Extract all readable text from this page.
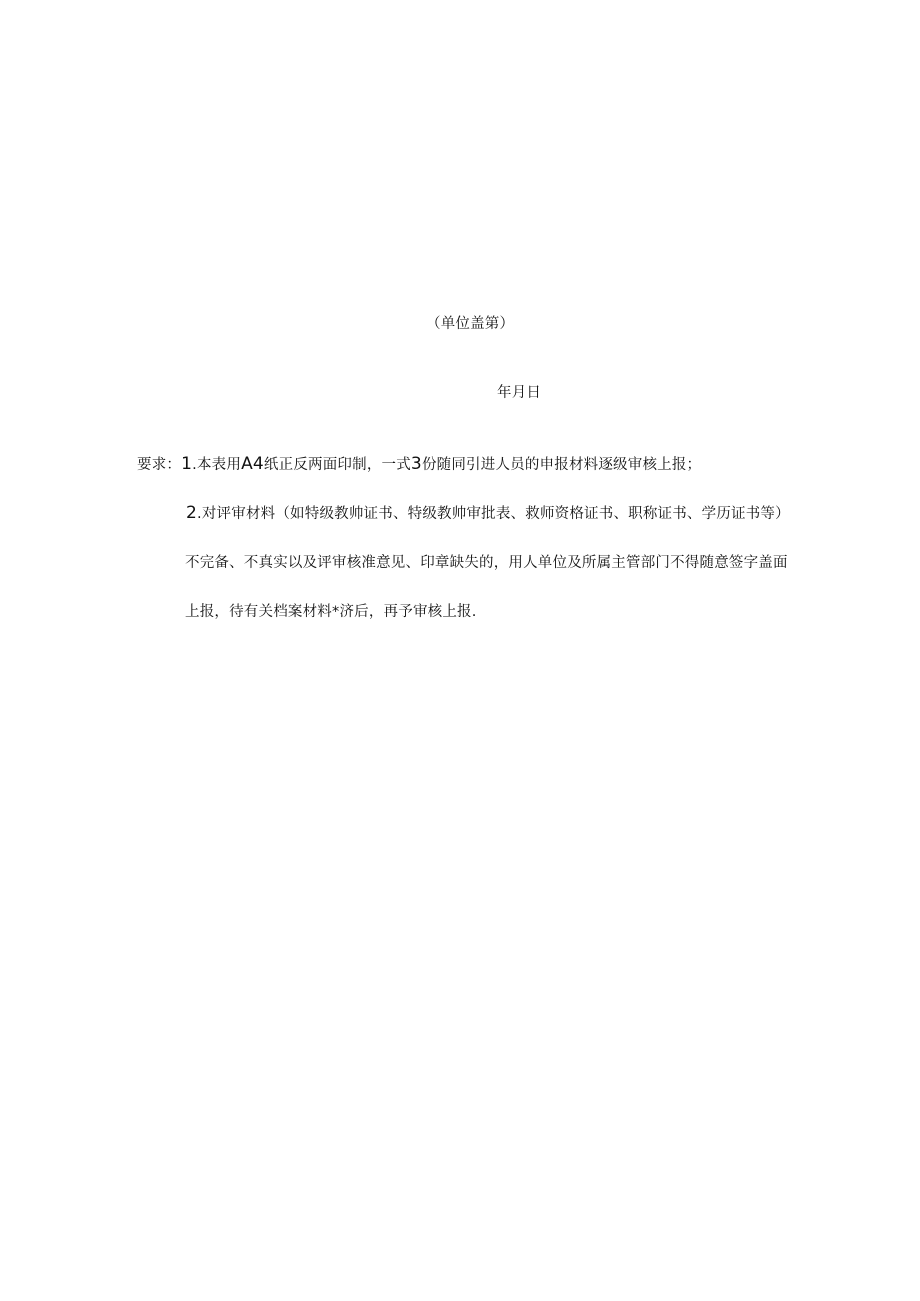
（单位盖第）
年月日
要求：1.本表用A4纸正反两面印制，一式3份随同引进人员的申报材料逐级审核上报；
2.对评审材料（如特级教帅证书、特级教帅审批表、救师资格证书、职称证书、学历证书等）
不完备、不真实以及评审核准意见、印章缺失的，用人单位及所属主管部门不得随意签字盖面
上报，待有关档案材料*济后，再予审核上报.
